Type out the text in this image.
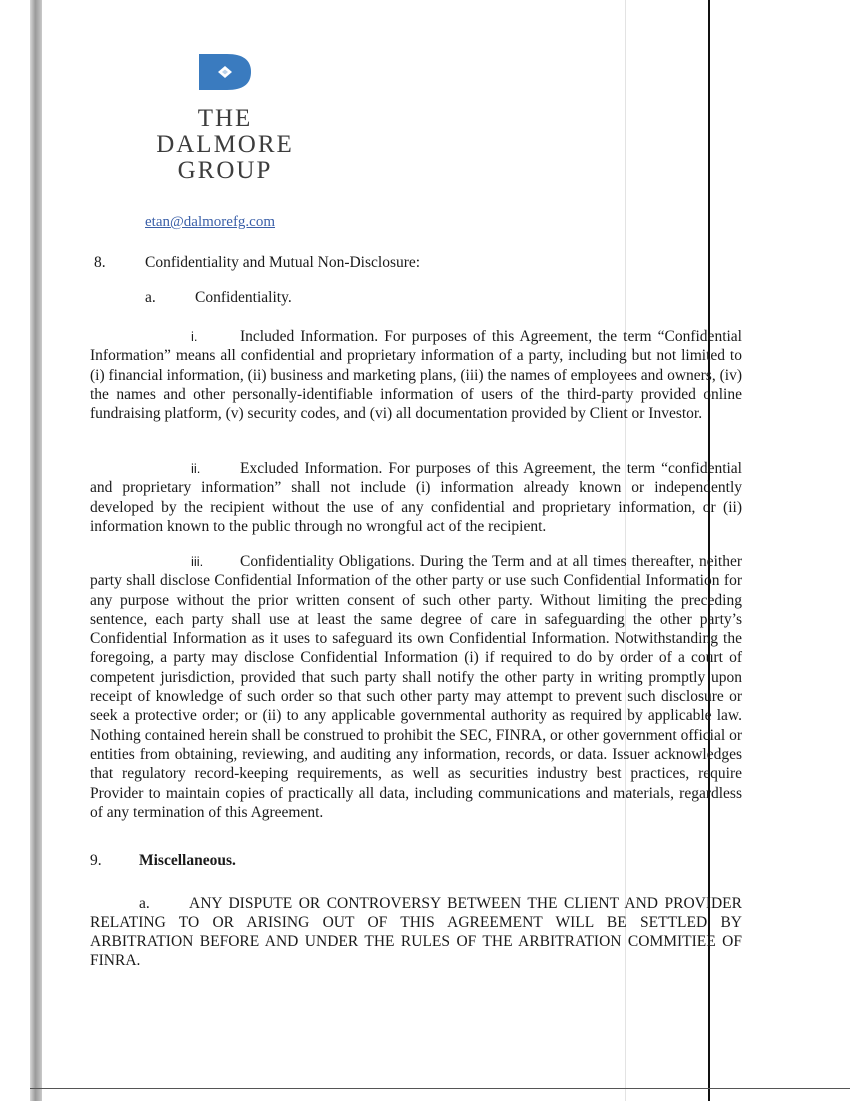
THE
DALMORE
GROUP
etan@dalmorefg.com
8.	Confidentiality and Mutual Non-Disclosure:
a.	Confidentiality.
i.	Included Information. For purposes of this Agreement, the term “Confidential Information” means all confidential and proprietary information of a party, including but not limited to (i) financial information, (ii) business and marketing plans, (iii) the names of employees and owners, (iv) the names and other personally-identifiable information of users of the third-party provided online fundraising platform, (v) security codes, and (vi) all documentation provided by Client or Investor.
ii.	Excluded Information. For purposes of this Agreement, the term “confidential and proprietary information” shall not include (i) information already known or independently developed by the recipient without the use of any confidential and proprietary information, or (ii) information known to the public through no wrongful act of the recipient.
iii. Confidentiality Obligations. During the Term and at all times thereafter, neither party shall disclose Confidential Information of the other party or use such Confidential Information for any purpose without the prior written consent of such other party. Without limiting the preceding sentence, each party shall use at least the same degree of care in safeguarding the other party’s Confidential Information as it uses to safeguard its own Confidential Information. Notwithstanding the foregoing, a party may disclose Confidential Information (i) if required to do by order of a court of competent jurisdiction, provided that such party shall notify the other party in writing promptly upon receipt of knowledge of such order so that such other party may attempt to prevent such disclosure or seek a protective order; or (ii) to any applicable governmental authority as required by applicable law. Nothing contained herein shall be construed to prohibit the SEC, FINRA, or other government official or entities from obtaining, reviewing, and auditing any information, records, or data. Issuer acknowledges that regulatory record-keeping requirements, as well as securities industry best practices, require Provider to maintain copies of practically all data, including communications and materials, regardless of any termination of this Agreement.
9. Miscellaneous.
a.	ANY DISPUTE OR CONTROVERSY BETWEEN THE CLIENT AND PROVIDER RELATING TO OR ARISING OUT OF THIS AGREEMENT WILL BE SETTLED BY ARBITRATION BEFORE AND UNDER THE RULES OF THE ARBITRATION COMMITIEE OF FINRA.
